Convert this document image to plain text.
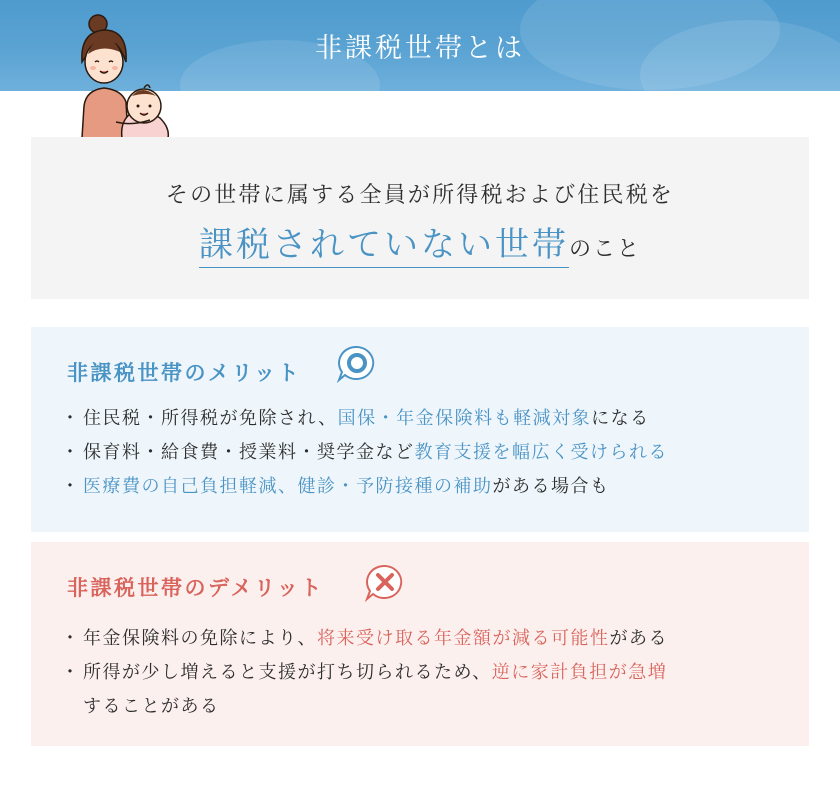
非課税世帯とは

その世帯に属する全員が所得税および住民税を

課税されていない世帯のこと

非課税世帯のメリット
・ 住民税・所得税が免除され、国保・年金保険料も軽減対象になる
・ 保育料・給食費・授業料・奨学金など教育支援を幅広く受けられる
・ 医療費の自己負担軽減、健診・予防接種の補助がある場合も
非課税世帯のデメリット
・ 年金保険料の免除により、将来受け取る年金額が減る可能性がある
・ 所得が少し増えると支援が打ち切られるため、逆に家計負担が急増
することがある
